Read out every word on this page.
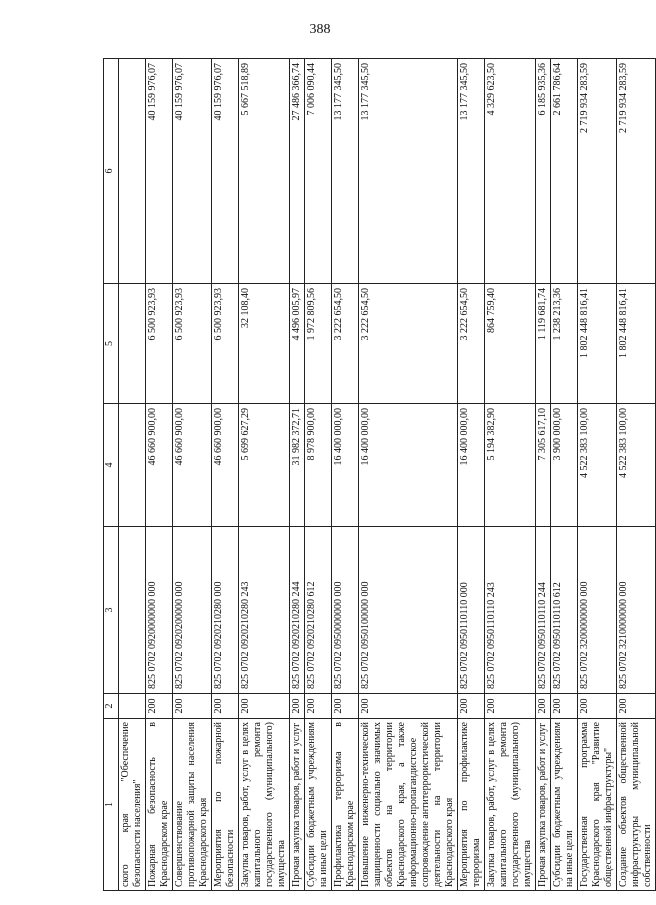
388
1	2	3	4	5	6
ского края "Обеспечение безопасности населения"					
Пожарная безопасность в Краснодарском крае	200	825 0702 0920000000 000	46 660 900,00	6 500 923,93	40 159 976,07
Совершенствование противопожарной защиты населения Краснодарского края	200	825 0702 0920200000 000	46 660 900,00	6 500 923,93	40 159 976,07
Мероприятия по пожарной безопасности	200	825 0702 0920210280 000	46 660 900,00	6 500 923,93	40 159 976,07
Закупка товаров, работ, услуг в целях капитального ремонта государственного (муниципального) имущества	200	825 0702 0920210280 243	5 699 627,29	32 108,40	5 667 518,89
Прочая закупка товаров, работ и услуг	200	825 0702 0920210280 244	31 982 372,71	4 496 005,97	27 486 366,74
Субсидии бюджетным учреждениям на иные цели	200	825 0702 0920210280 612	8 978 900,00	1 972 809,56	7 006 090,44
Профилактика терроризма в Краснодарском крае	200	825 0702 0950000000 000	16 400 000,00	3 222 654,50	13 177 345,50
Повышение инженерно-технической защищенности социально значимых объектов на территории Краснодарского края, а также информационно-пропагандистское сопровождение антитеррористической деятельности на территории Краснодарского края	200	825 0702 0950100000 000	16 400 000,00	3 222 654,50	13 177 345,50
Мероприятия по профилактике терроризма	200	825 0702 0950110110 000	16 400 000,00	3 222 654,50	13 177 345,50
Закупка товаров, работ, услуг в целях капитального ремонта государственного (муниципального) имущества	200	825 0702 0950110110 243	5 194 382,90	864 759,40	4 329 623,50
Прочая закупка товаров, работ и услуг	200	825 0702 0950110110 244	7 305 617,10	1 119 681,74	6 185 935,36
Субсидии бюджетным учреждениям на иные цели	200	825 0702 0950110110 612	3 900 000,00	1 238 213,36	2 661 786,64
Государственная программа Краснодарского края "Развитие общественной инфраструктуры"	200	825 0702 3200000000 000	4 522 383 100,00	1 802 448 816,41	2 719 934 283,59
Создание объектов общественной инфраструктуры муниципальной собственности	200	825 0702 3210000000 000	4 522 383 100,00	1 802 448 816,41	2 719 934 283,59
